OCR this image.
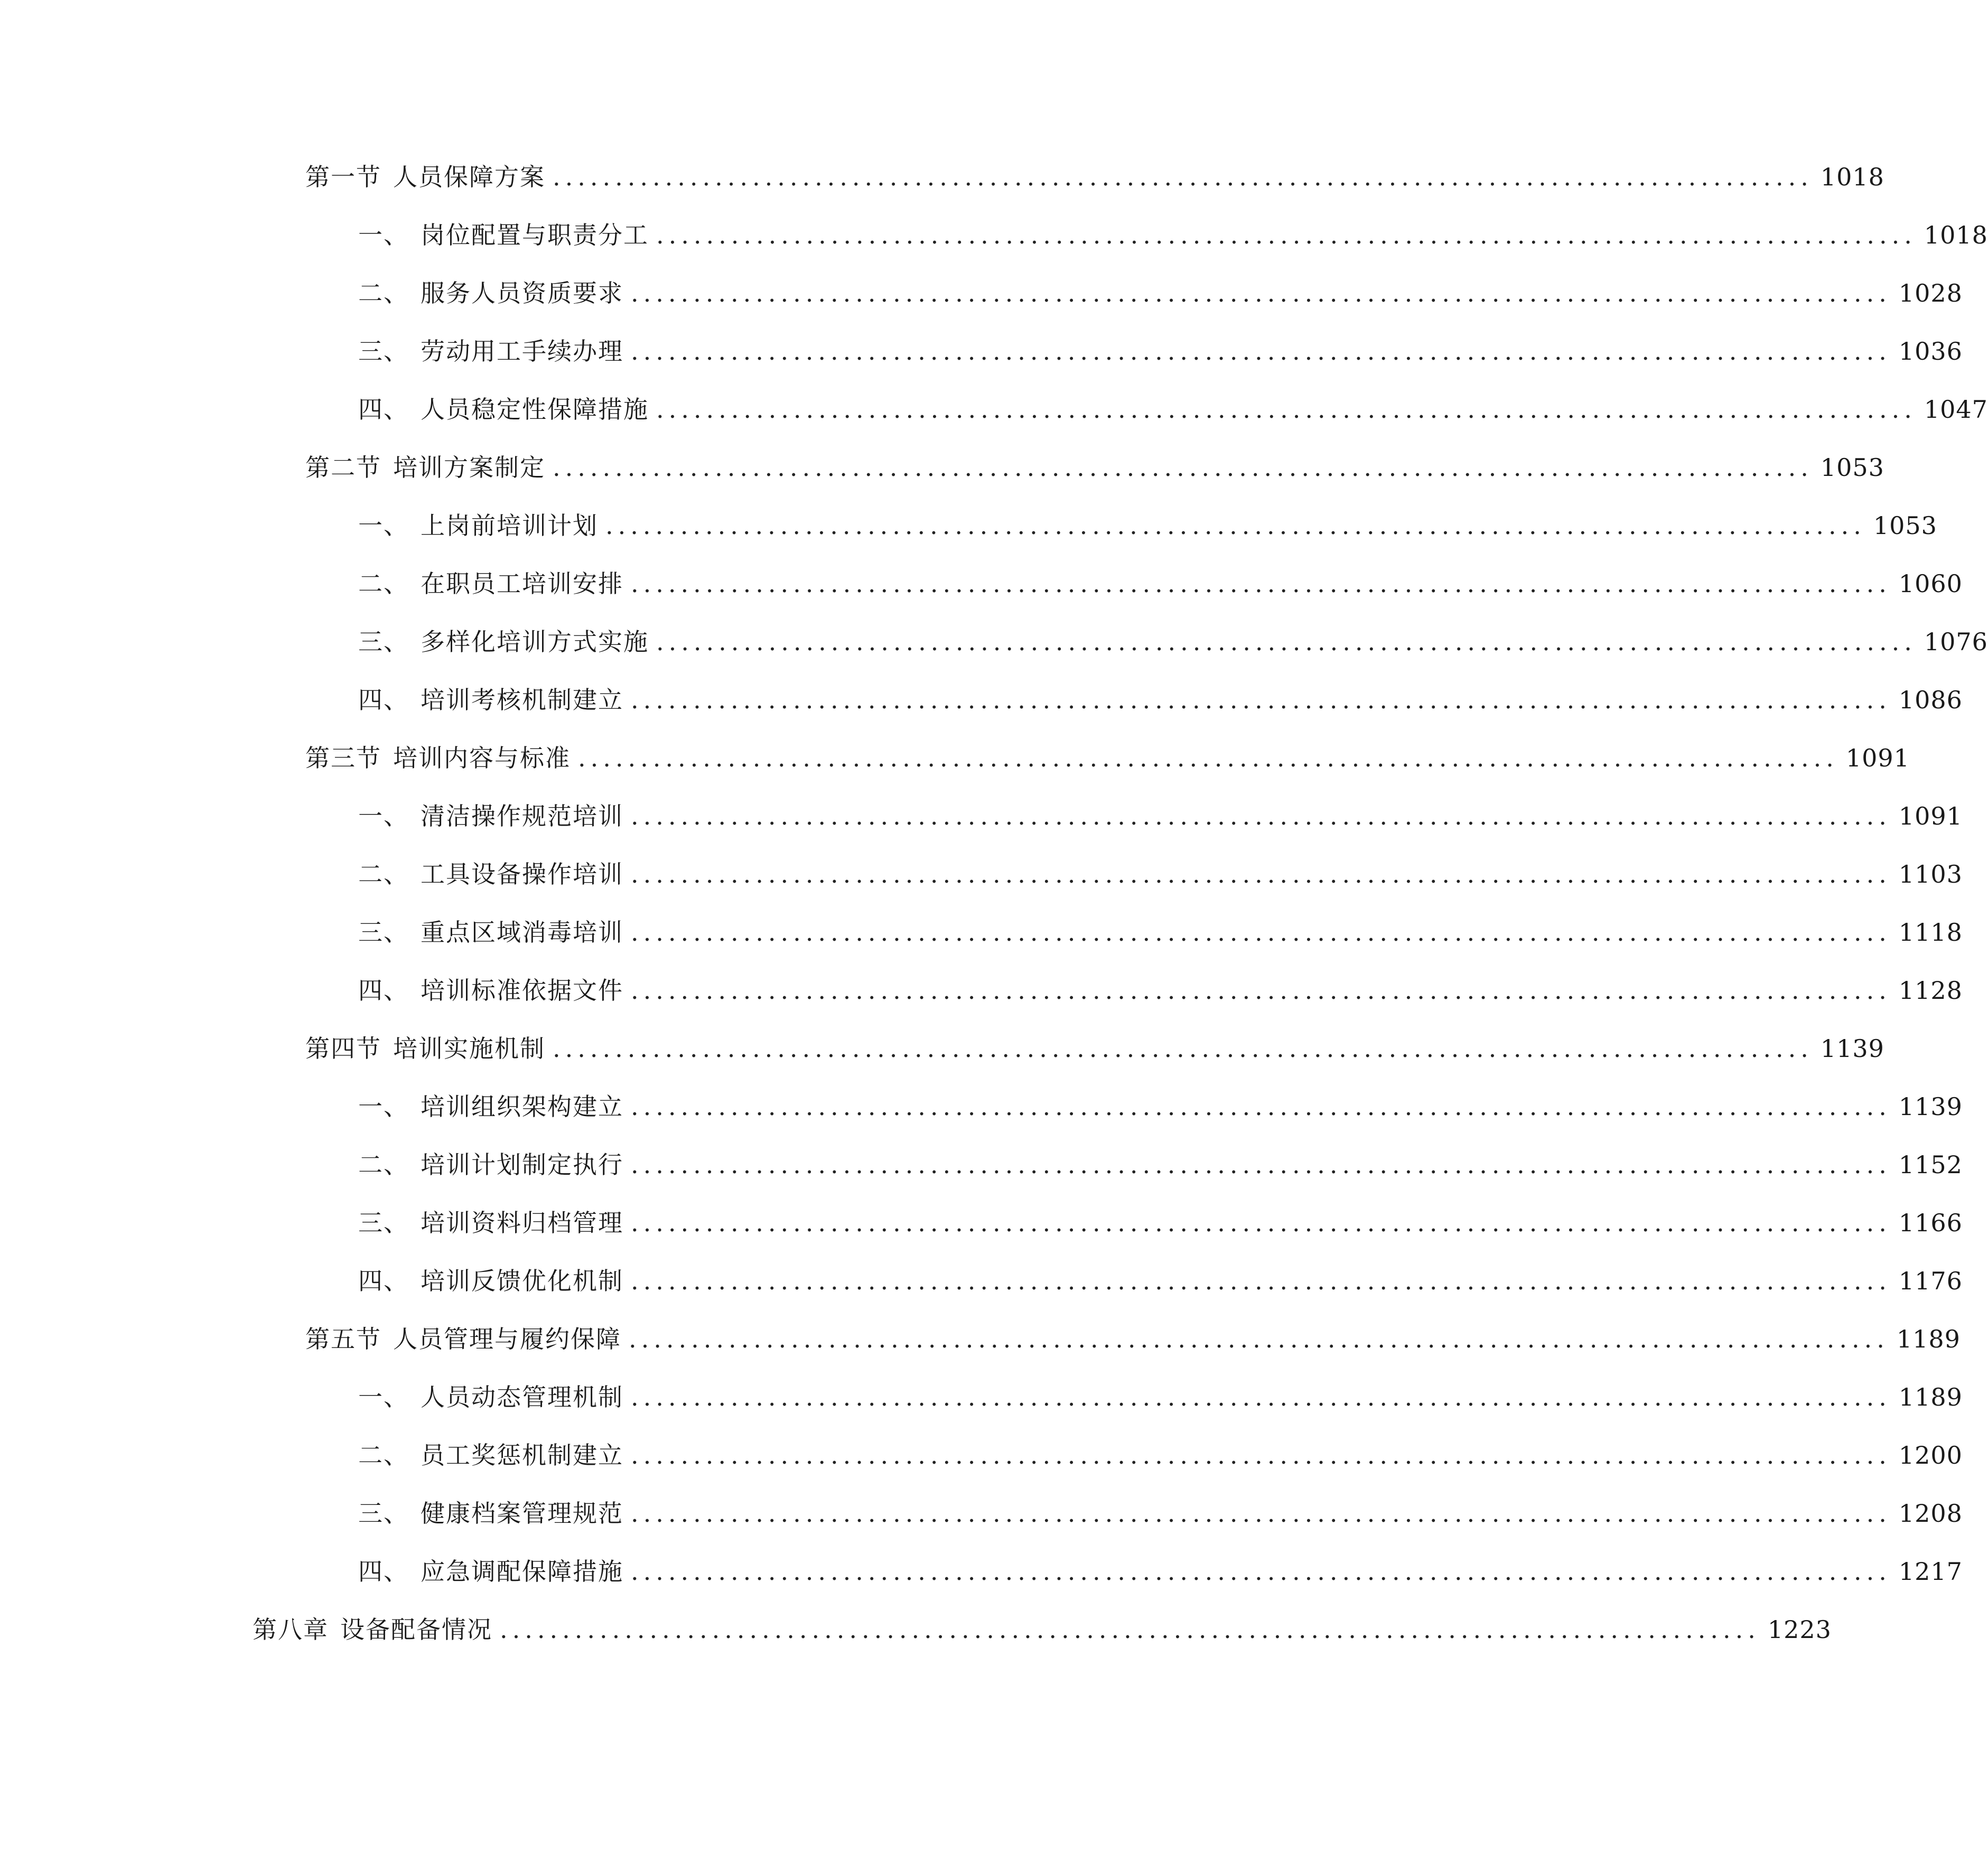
第一节 人员保障方案 ..................................................................................................... 1018
一、 岗位配置与职责分工 ..................................................................................................... 1018
二、 服务人员资质要求 ..................................................................................................... 1028
三、 劳动用工手续办理 ..................................................................................................... 1036
四、 人员稳定性保障措施 ..................................................................................................... 1047
第二节 培训方案制定 ..................................................................................................... 1053
一、 上岗前培训计划 ..................................................................................................... 1053
二、 在职员工培训安排 ..................................................................................................... 1060
三、 多样化培训方式实施 ..................................................................................................... 1076
四、 培训考核机制建立 ..................................................................................................... 1086
第三节 培训内容与标准 ..................................................................................................... 1091
一、 清洁操作规范培训 ..................................................................................................... 1091
二、 工具设备操作培训 ..................................................................................................... 1103
三、 重点区域消毒培训 ..................................................................................................... 1118
四、 培训标准依据文件 ..................................................................................................... 1128
第四节 培训实施机制 ..................................................................................................... 1139
一、 培训组织架构建立 ..................................................................................................... 1139
二、 培训计划制定执行 ..................................................................................................... 1152
三、 培训资料归档管理 ..................................................................................................... 1166
四、 培训反馈优化机制 ..................................................................................................... 1176
第五节 人员管理与履约保障 ..................................................................................................... 1189
一、 人员动态管理机制 ..................................................................................................... 1189
二、 员工奖惩机制建立 ..................................................................................................... 1200
三、 健康档案管理规范 ..................................................................................................... 1208
四、 应急调配保障措施 ..................................................................................................... 1217
第八章 设备配备情况 ..................................................................................................... 1223
